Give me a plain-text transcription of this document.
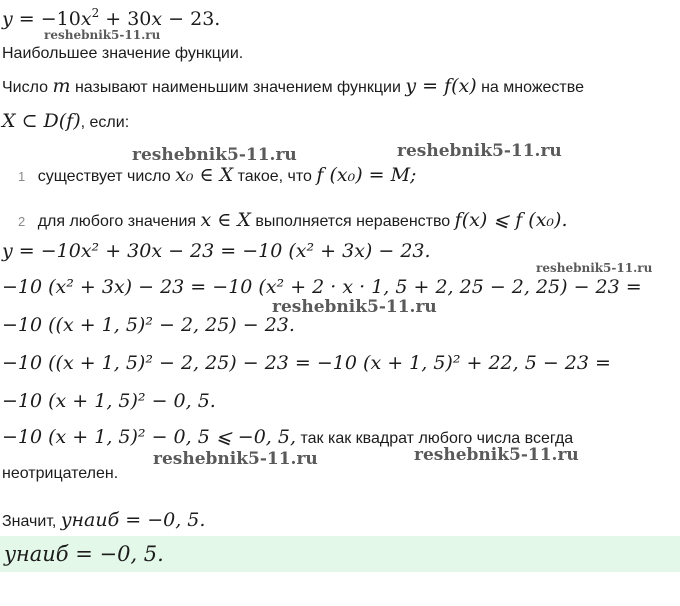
$y = -10x^2 + 30x - 23$.
reshebnik5-11.ru
Наибольшее значение функции.
Число m называют наименьшим значением функции y = f(x) на множестве
X ⊂ D(f), если:
reshebnik5-11.ru	reshebnik5-11.ru
1 существует число x₀ ∈ X такое, что f (x₀) = M;
2 для любого значения x ∈ X выполняется неравенство f(x) ⩽ f (x₀).
y = −10x² + 30x − 23 = −10 (x² + 3x) − 23.
reshebnik5-11.ru
−10 (x² + 3x) − 23 = −10 (x² + 2 · x · 1, 5 + 2, 25 − 2, 25) − 23 =
reshebnik5-11.ru
−10 ((x + 1, 5)² − 2, 25) − 23.
−10 ((x + 1, 5)² − 2, 25) − 23 = −10 (x + 1, 5)² + 22, 5 − 23 =
−10 (x + 1, 5)² − 0, 5.
−10 (x + 1, 5)² − 0, 5 ⩽ −0, 5, так как квадрат любого числа всегда
reshebnik5-11.ru	reshebnik5-11.ru
неотрицателен.
Значит, yнаиб = −0, 5.
yнаиб = −0, 5.
